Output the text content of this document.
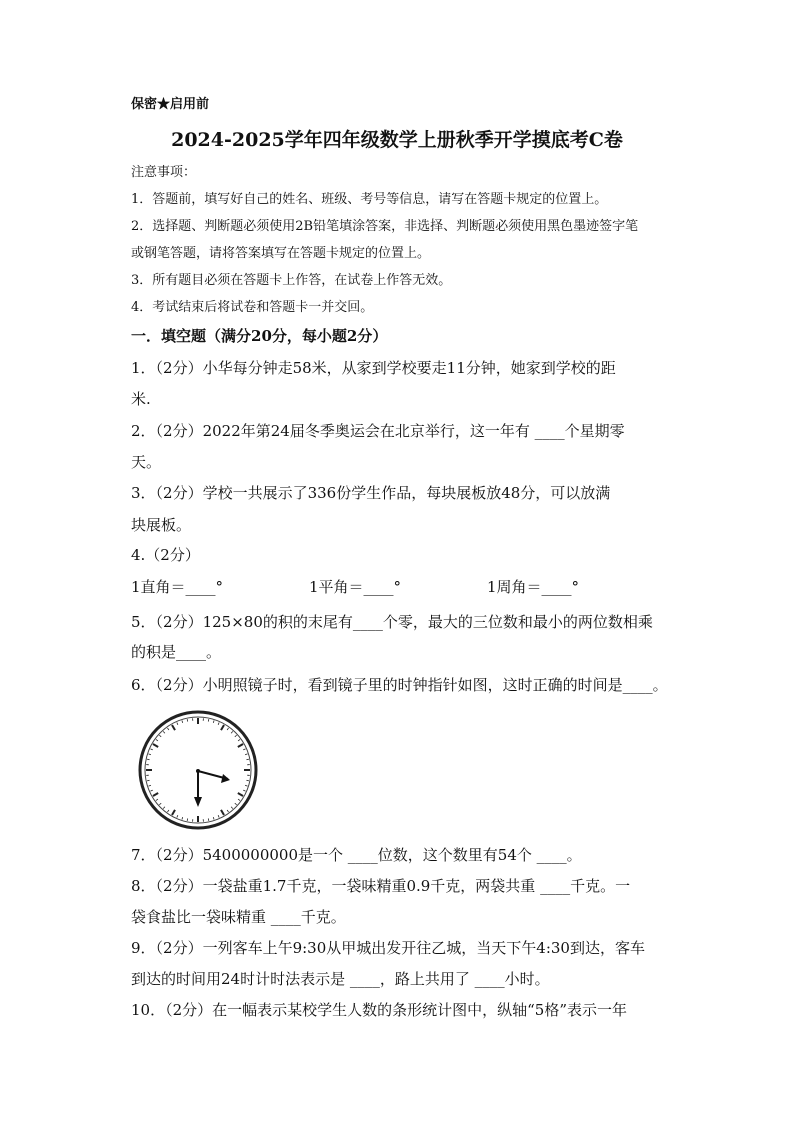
保密★启用前
2024-2025学年四年级数学上册秋季开学摸底考C卷
注意事项：
1．答题前，填写好自己的姓名、班级、考号等信息，请写在答题卡规定的位置上。
2．选择题、判断题必须使用2B铅笔填涂答案，非选择、判断题必须使用黑色墨迹签字笔
或钢笔答题，请将答案填写在答题卡规定的位置上。
3．所有题目必须在答题卡上作答，在试卷上作答无效。
4．考试结束后将试卷和答题卡一并交回。
一．填空题（满分20分，每小题2分）
1．（2分）小华每分钟走58米，从家到学校要走11分钟，她家到学校的距
米.
2．（2分）2022年第24届冬季奥运会在北京举行，这一年有 ____个星期零
天。
3．（2分）学校一共展示了336份学生作品，每块展板放48分，可以放满
块展板。
4.（2分）
1直角＝____°	1平角＝____°	1周角＝____°
5．（2分）125×80的积的末尾有____个零，最大的三位数和最小的两位数相乘
的积是____。
6．（2分）小明照镜子时，看到镜子里的时钟指针如图，这时正确的时间是____。
7．（2分）5400000000是一个 ____位数，这个数里有54个 ____。
8．（2分）一袋盐重1.7千克，一袋味精重0.9千克，两袋共重 ____千克。一
袋食盐比一袋味精重 ____千克。
9．（2分）一列客车上午9:30从甲城出发开往乙城，当天下午4:30到达，客车
到达的时间用24时计时法表示是 ____，路上共用了 ____小时。
10．（2分）在一幅表示某校学生人数的条形统计图中，纵轴“5格”表示一年
